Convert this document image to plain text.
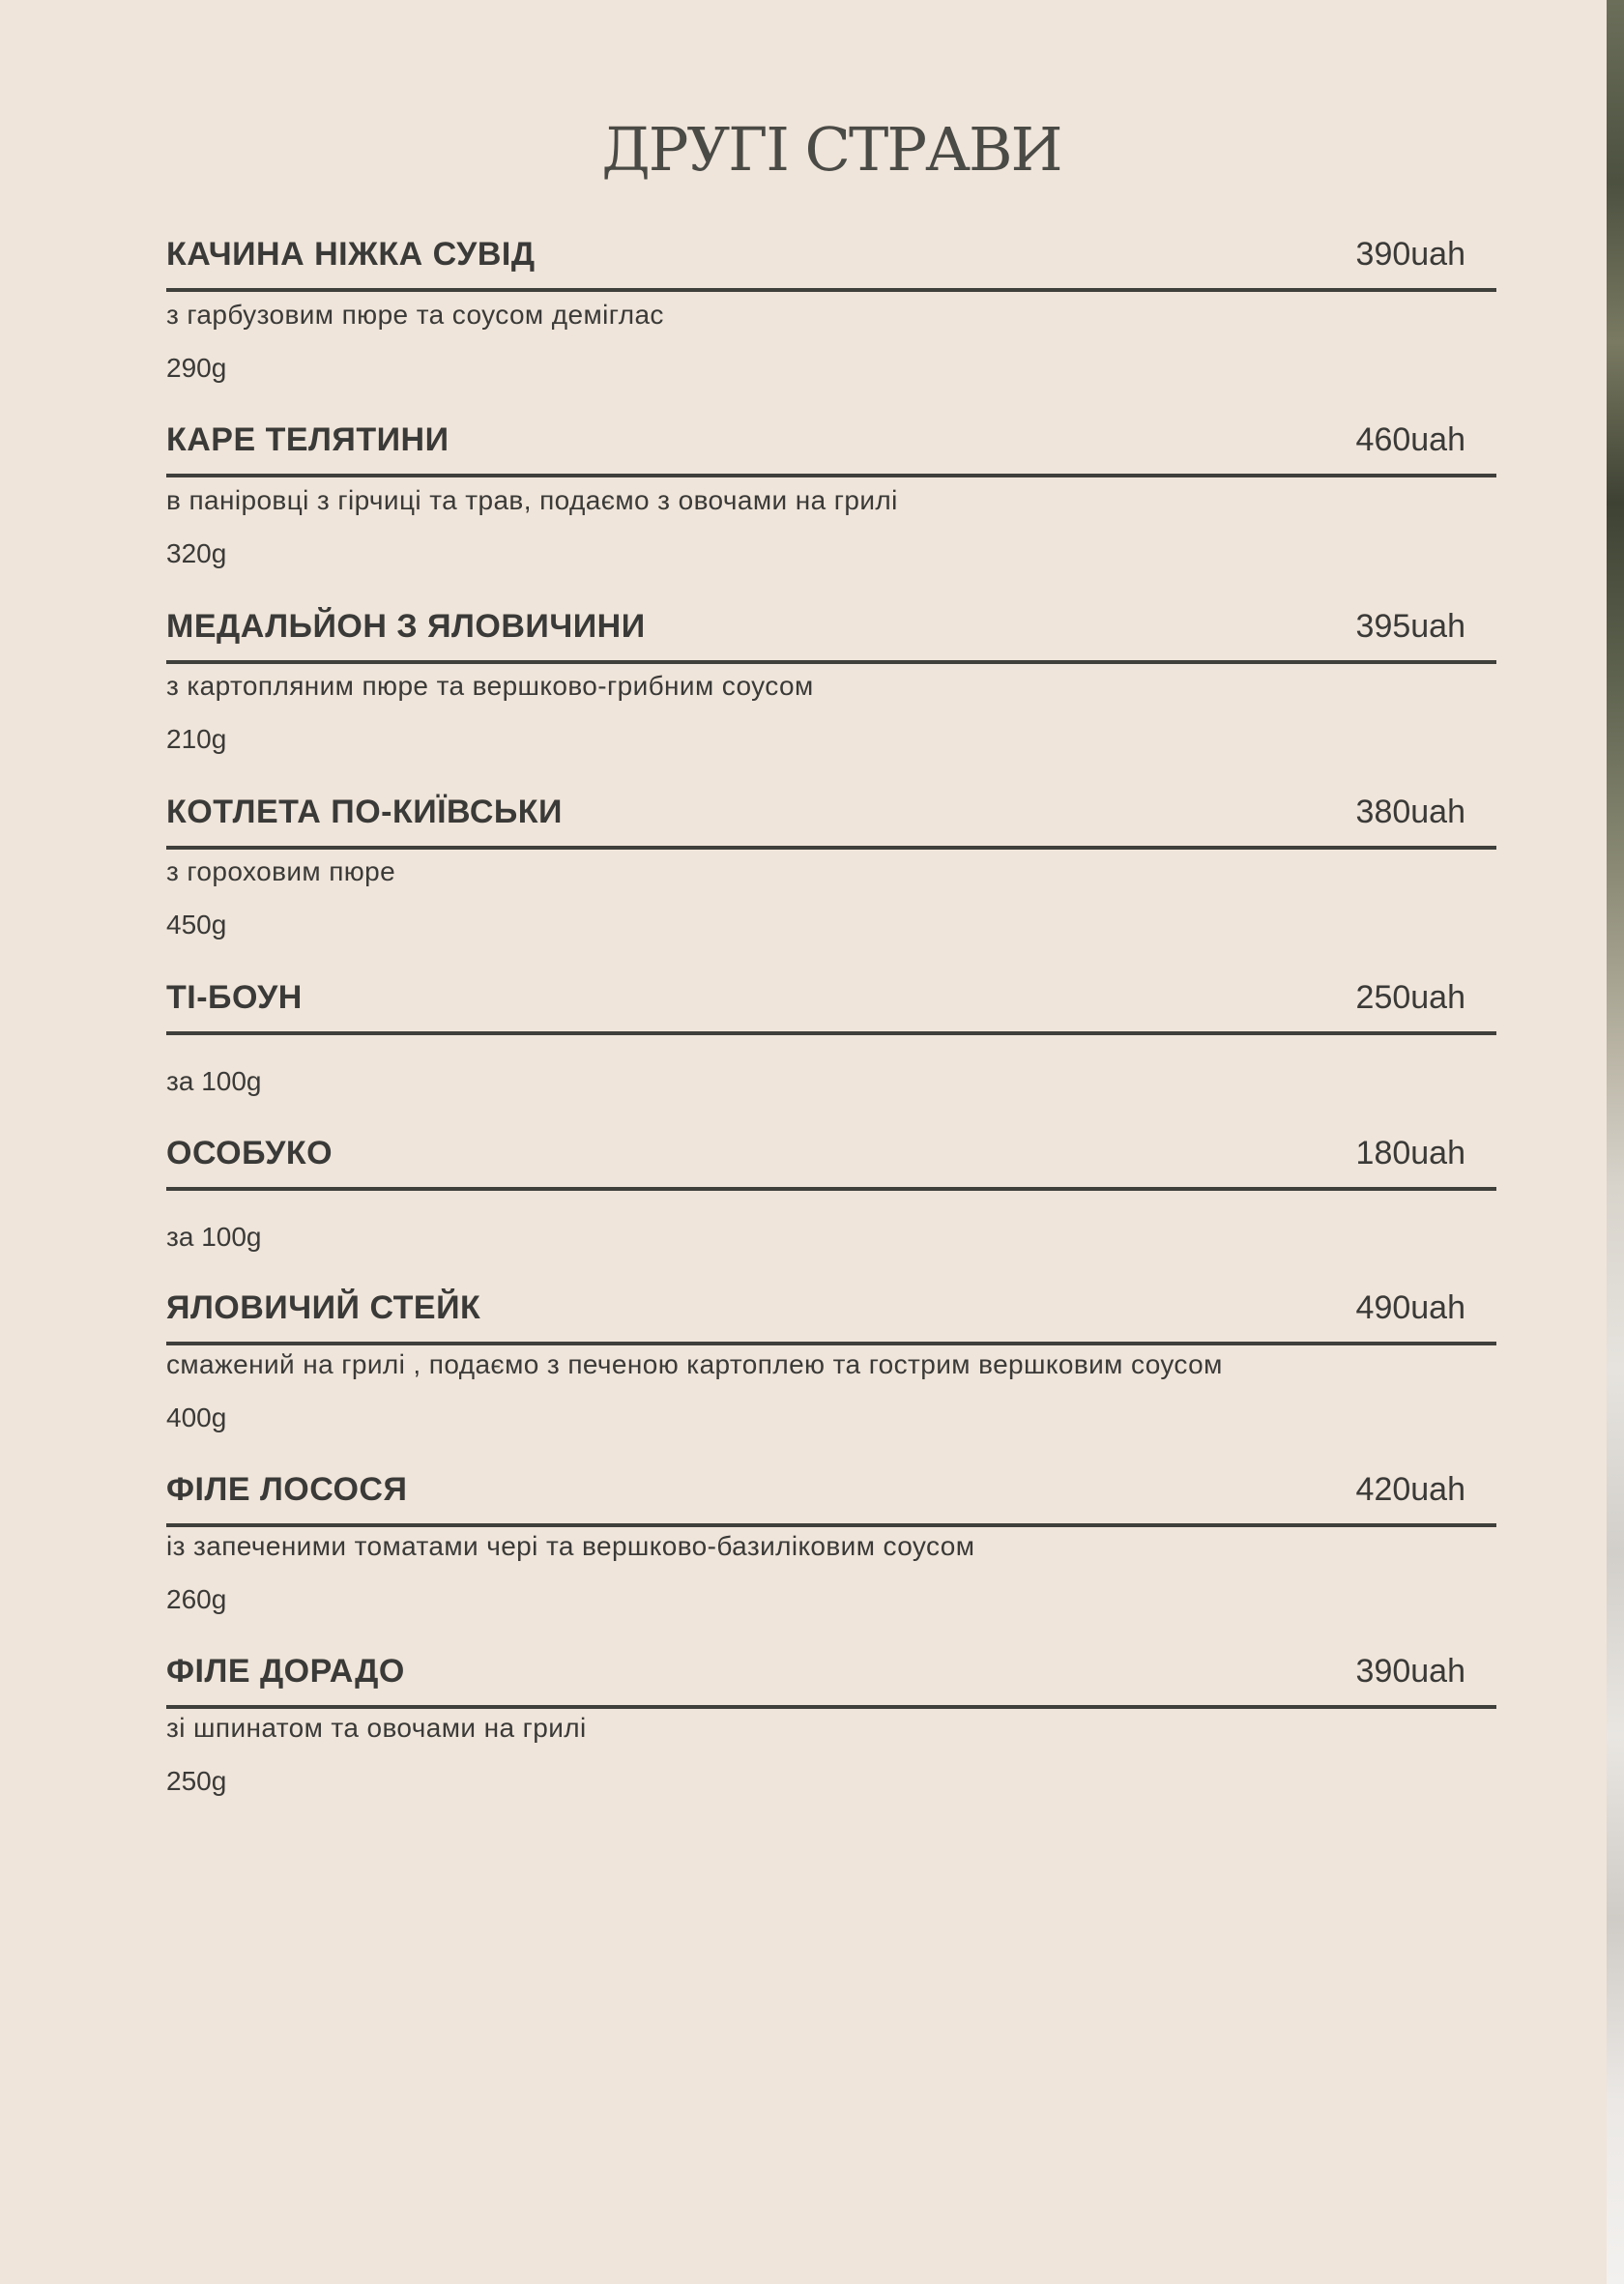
ДРУГІ СТРАВИ
КАЧИНА НІЖКА СУВІД	390uah
з гарбузовим пюре та соусом деміглас
290g
КАРЕ ТЕЛЯТИНИ	460uah
в паніровці з гірчиці та трав, подаємо з овочами на грилі
320g
МЕДАЛЬЙОН З ЯЛОВИЧИНИ	395uah
з картопляним пюре та вершково-грибним соусом
210g
КОТЛЕТА ПО-КИЇВСЬКИ	380uah
з гороховим пюре
450g
ТІ-БОУН	250uah
за 100g
ОСОБУКО	180uah
за 100g
ЯЛОВИЧИЙ СТЕЙК	490uah
смажений на грилі , подаємо з печеною картоплею та гострим вершковим соусом
400g
ФІЛЕ ЛОСОСЯ	420uah
із запеченими томатами чері та вершково-базиліковим соусом
260g
ФІЛЕ ДОРАДО	390uah
зі шпинатом та овочами на грилі
250g
